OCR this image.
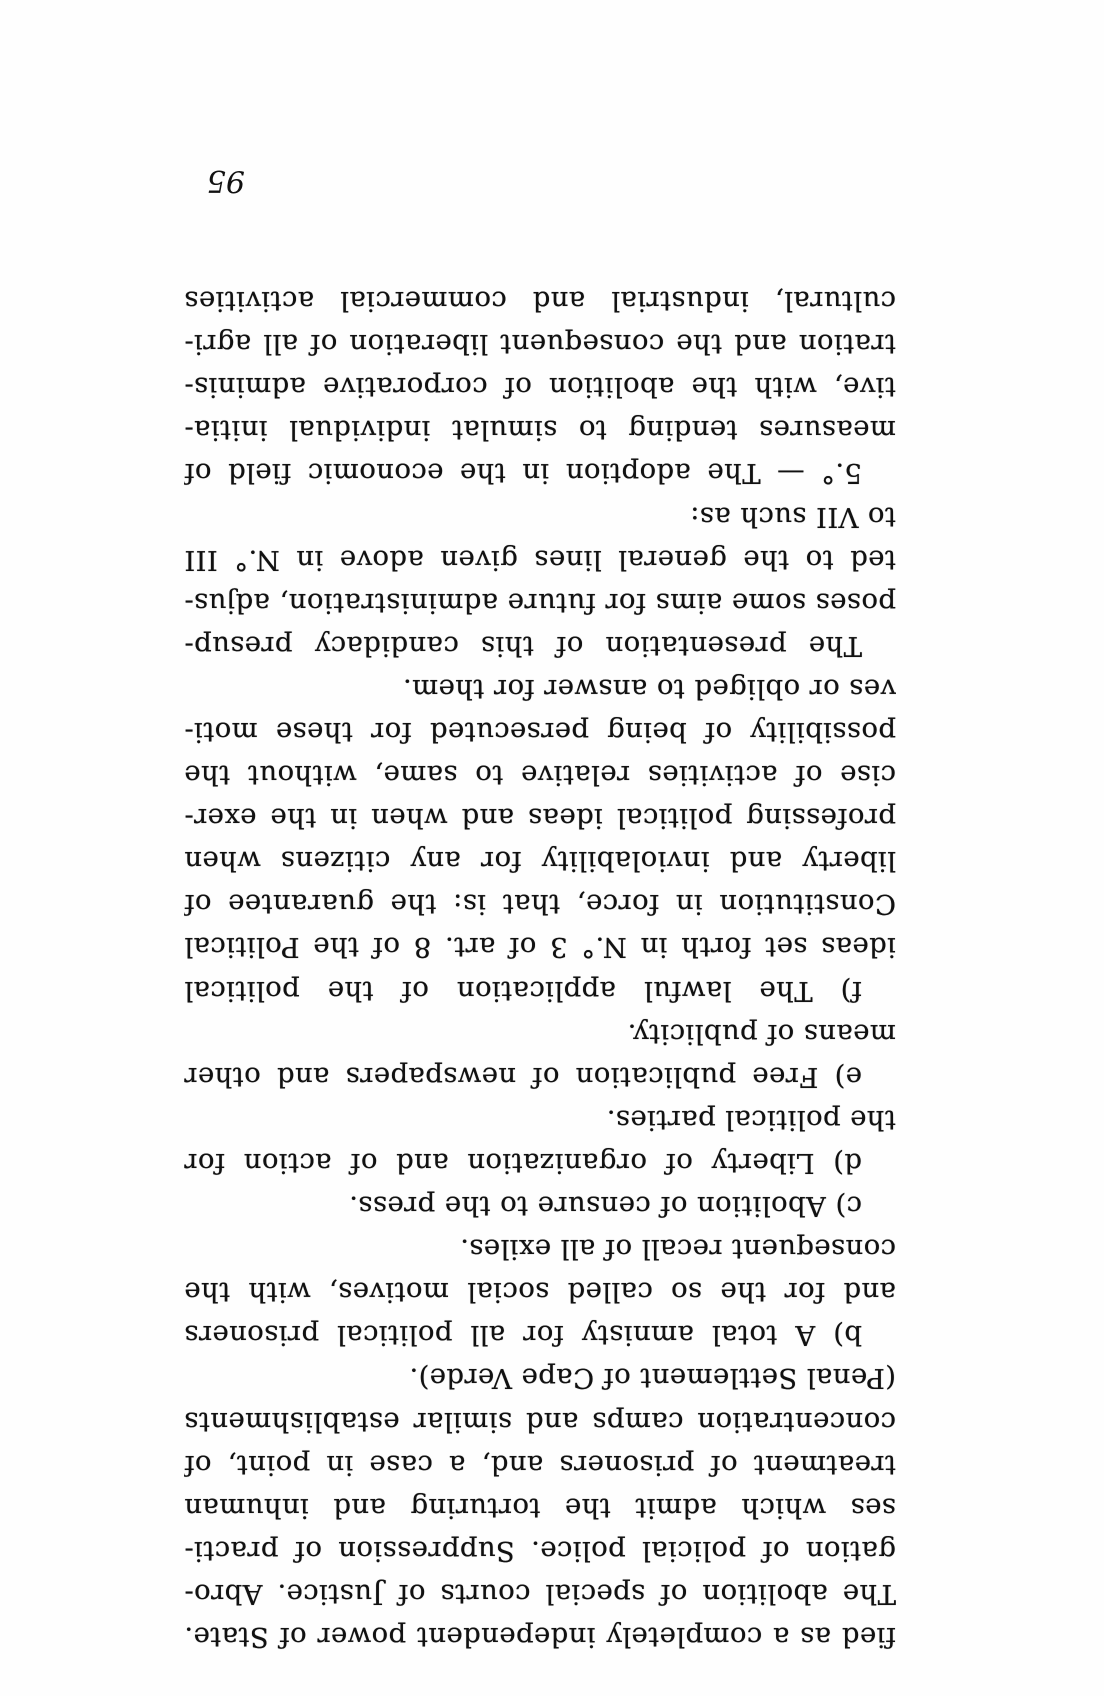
fied as a completely independent power of State.
The abolition of special courts of Justice. Abro-
gation of policial police. Suppression of practi-
ses which admit the torturing and inhuman
treatment of prisoners and, a case in point, of
concentration camps and similar establishments
(Penal Settlement of Cape Verde).
b) A total amnisty for all political prisoners
and for the so called social motives, with the
consequent recall of all exiles.
c) Abolition of censure to the press.
d) Liberty of organization and of action for
the political parties.
e) Free publication of newspapers and other
means of publicity.
f) The lawful application of the political
ideas set forth in N.° 3 of art. 8 of the Political
Constitution in force, that is: the guarantee of
liberty and inviolability for any citizens when
professing political ideas and when in the exer-
cise of activities relative to same, without the
possibility of being persecuted for these moti-
ves or obliged to answer for them.
The presentation of this candidacy presup-
poses some aims for future administration, adjus-
ted to the general lines given adove in N.° III
to VII such as:
5.° — The adoption in the economic field of
measures tending to simulat individual initia-
tive, with the abolition of corporative adminis-
tration and the consequent liberation of all agri-
cultural, industrial and commercial activities
95
